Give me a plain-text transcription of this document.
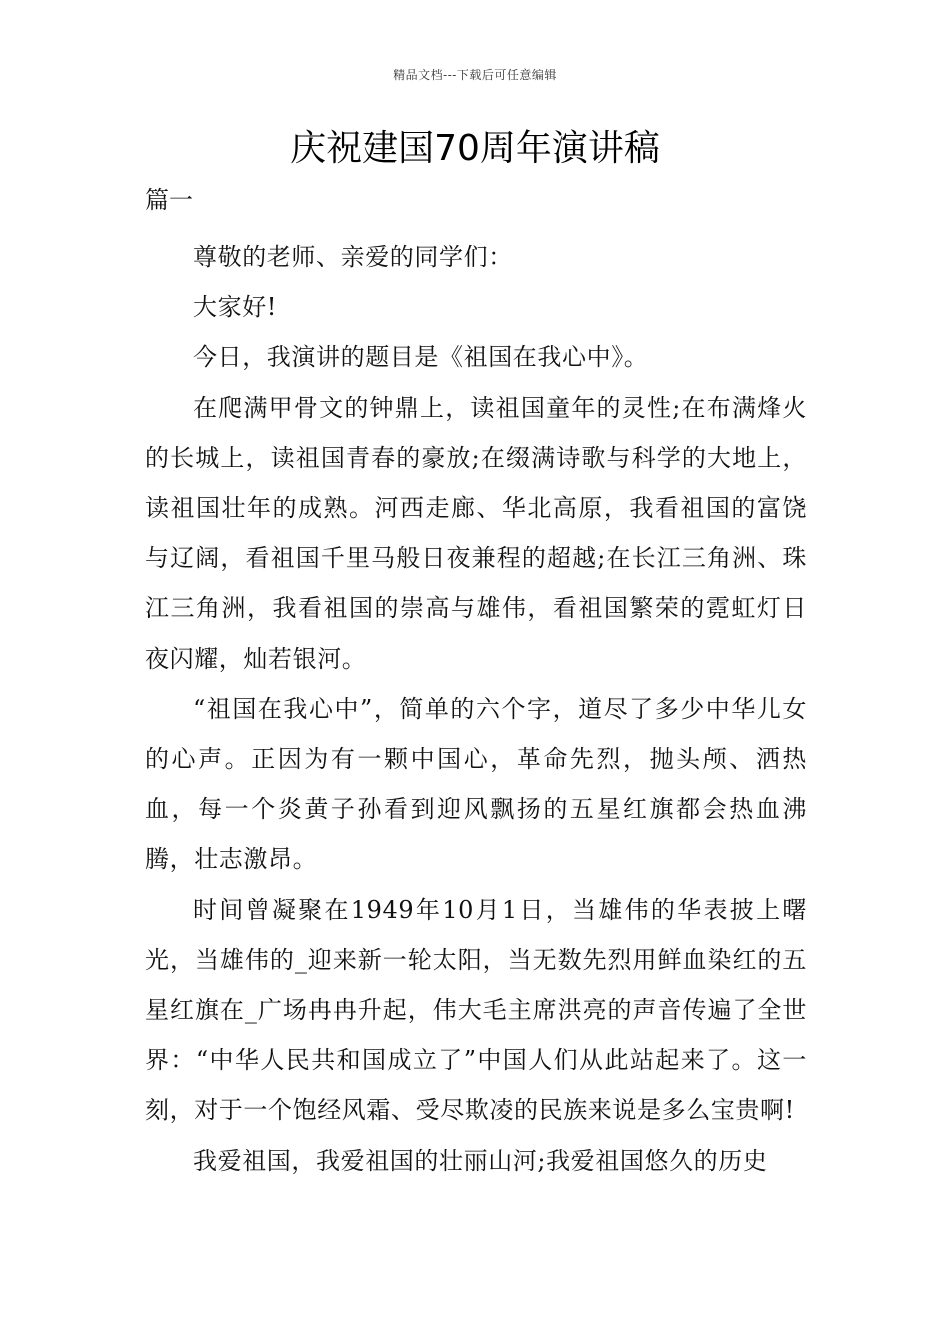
精品文档---下载后可任意编辑
庆祝建国70周年演讲稿
篇一

尊敬的老师、亲爱的同学们：

大家好!

今日，我演讲的题目是《祖国在我心中》。

在爬满甲骨文的钟鼎上，读祖国童年的灵性;在布满烽火的长城上，读祖国青春的豪放;在缀满诗歌与科学的大地上，读祖国壮年的成熟。河西走廊、华北高原，我看祖国的富饶与辽阔，看祖国千里马般日夜兼程的超越;在长江三角洲、珠江三角洲，我看祖国的崇高与雄伟，看祖国繁荣的霓虹灯日夜闪耀，灿若银河。

“祖国在我心中”，简单的六个字，道尽了多少中华儿女的心声。正因为有一颗中国心，革命先烈，抛头颅、洒热血，每一个炎黄子孙看到迎风飘扬的五星红旗都会热血沸腾，壮志激昂。

时间曾凝聚在1949年10月1日，当雄伟的华表披上曙光，当雄伟的_迎来新一轮太阳，当无数先烈用鲜血染红的五星红旗在_广场冉冉升起，伟大毛主席洪亮的声音传遍了全世界：“中华人民共和国成立了”中国人们从此站起来了。这一刻，对于一个饱经风霜、受尽欺凌的民族来说是多么宝贵啊!

我爱祖国，我爱祖国的壮丽山河;我爱祖国悠久的历史
